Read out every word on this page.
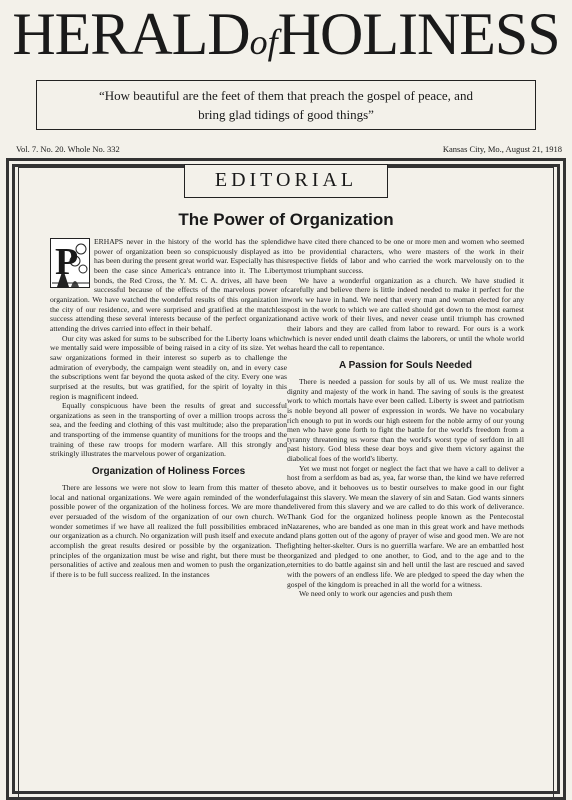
HERALDofHOLINESS
“How beautiful are the feet of them that preach the gospel of peace, and
bring glad tidings of good things”
Vol. 7. No. 20. Whole No. 332	Kansas City, Mo., August 21, 1918
EDITORIAL
The Power of Organization
P	ERHAPS never in the history of the world has the splendid power of organization been so conspicuously displayed as it has been during the present great world war. Especially has this been the case since America's entrance into it. The Liberty bonds, the Red Cross, the Y. M. C. A. drives, all have been successful because of the effects of the marvelous power of organization. We have watched the wonderful results of this organization in the city of our residence, and were surprised and gratified at the matchless success attending these several interests because of the perfect organization attending the drives carried into effect in their behalf.

Our city was asked for sums to be subscribed for the Liberty loans which we mentally said were impossible of being raised in a city of its size. Yet we saw organizations formed in their interest so superb as to challenge the admiration of everybody, the campaign went steadily on, and in every case the subscriptions went far beyond the quota asked of the city. Every one was surprised at the results, but was gratified, for the spirit of loyalty in this region is magnificent indeed.

Equally conspicuous have been the results of great and successful organizations as seen in the transporting of over a million troops across the sea, and the feeding and clothing of this vast multitude; also the preparation and transporting of the immense quantity of munitions for the troops and the training of these raw troops for modern warfare. All this strongly and strikingly illustrates the marvelous power of organization.

Organization of Holiness Forces

There are lessons we were not slow to learn from this matter of these local and national organizations. We were again reminded of the wonderful possible power of the organization of the holiness forces. We are more than ever persuaded of the wisdom of the organization of our own church. We wonder sometimes if we have all realized the full possibilities embraced in our organization as a church. No organization will push itself and execute and accomplish the great results desired or possible by the organization. The principles of the organization must be wise and right, but there must be the personalities of active and zealous men and women to push the organization, if there is to be full success realized. In the instances

we have cited there chanced to be one or more men and women who seemed to be providential characters, who were masters of the work in their respective fields of labor and who carried the work marvelously on to the most triumphant success.

We have a wonderful organization as a church. We have studied it carefully and believe there is little indeed needed to make it perfect for the work we have in hand. We need that every man and woman elected for any post in the work to which we are called should get down to the most earnest and active work of their lives, and never cease until triumph has crowned their labors and they are called from labor to reward. For ours is a work which is never ended until death claims the laborers, or until the whole world has heard the call to repentance.

A Passion for Souls Needed

There is needed a passion for souls by all of us. We must realize the dignity and majesty of the work in hand. The saving of souls is the greatest work to which mortals have ever been called. Liberty is sweet and patriotism is noble beyond all power of expression in words. We have no vocabulary rich enough to put in words our high esteem for the noble army of our young men who have gone forth to fight the battle for the world's freedom from a tyranny threatening us worse than the world's worst type of serfdom in all past history. God bless these dear boys and give them victory against the diabolical foes of the world's liberty.

Yet we must not forget or neglect the fact that we have a call to deliver a host from a serfdom as bad as, yea, far worse than, the kind we have referred to above, and it behooves us to bestir ourselves to make good in our fight against this slavery. We mean the slavery of sin and Satan. God wants sinners delivered from this slavery and we are called to do this work of deliverance. Thank God for the organized holiness people known as the Pentecostal Nazarenes, who are banded as one man in this great work and have methods and plans gotten out of the agony of prayer of wise and good men. We are not fighting helter-skelter. Ours is no guerrilla warfare. We are an embattled host organized and pledged to one another, to God, and to the age and to the eternities to do battle against sin and hell until the last are rescued and saved with the powers of an endless life. We are pledged to speed the day when the gospel of the kingdom is preached in all the world for a witness.

We need only to work our agencies and push them
